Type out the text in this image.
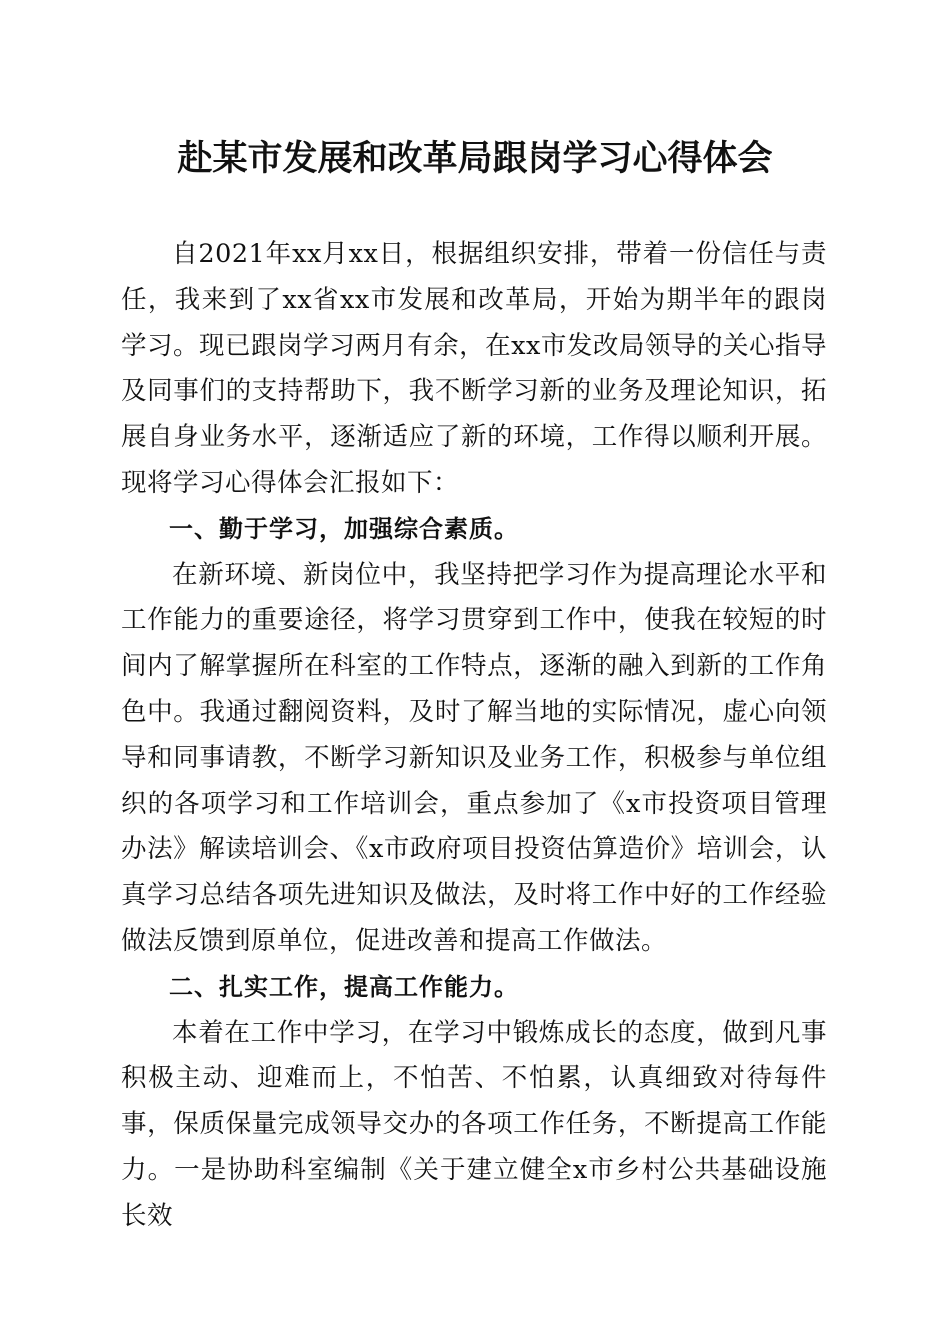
赴某市发展和改革局跟岗学习心得体会

自2021年xx月xx日，根据组织安排，带着一份信任与责任，我来到了xx省xx市发展和改革局，开始为期半年的跟岗学习。现已跟岗学习两月有余，在xx市发改局领导的关心指导及同事们的支持帮助下，我不断学习新的业务及理论知识，拓展自身业务水平，逐渐适应了新的环境，工作得以顺利开展。现将学习心得体会汇报如下：

一、勤于学习，加强综合素质。

在新环境、新岗位中，我坚持把学习作为提高理论水平和工作能力的重要途径，将学习贯穿到工作中，使我在较短的时间内了解掌握所在科室的工作特点，逐渐的融入到新的工作角色中。我通过翻阅资料，及时了解当地的实际情况，虚心向领导和同事请教，不断学习新知识及业务工作，积极参与单位组织的各项学习和工作培训会，重点参加了《x市投资项目管理办法》解读培训会、《x市政府项目投资估算造价》培训会，认真学习总结各项先进知识及做法，及时将工作中好的工作经验做法反馈到原单位，促进改善和提高工作做法。

二、扎实工作，提高工作能力。

本着在工作中学习，在学习中锻炼成长的态度，做到凡事积极主动、迎难而上，不怕苦、不怕累，认真细致对待每件事，保质保量完成领导交办的各项工作任务，不断提高工作能力。一是协助科室编制《关于建立健全x市乡村公共基础设施长效
